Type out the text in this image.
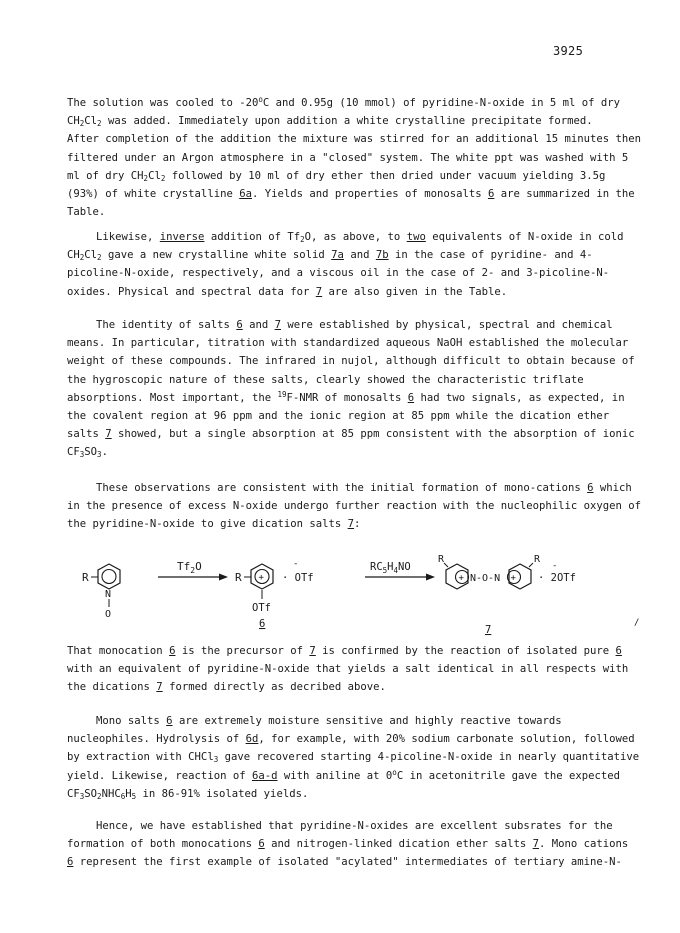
3925
The solution was cooled to -20$^o$C and 0.95g (10 mmol) of pyridine-N-oxide in 5 ml of dry
$CH_2Cl_2$ was added. Immediately upon addition a white crystalline precipitate formed.
After completion of the addition the mixture was stirred for an additional 15 minutes then
filtered under an Argon atmosphere in a "closed" system. The white ppt was washed with 5
ml of dry $CH_2Cl_2$ followed by 10 ml of dry ether then dried under vacuum yielding 3.5g
(93%) of white crystalline 6a. Yields and properties of monosalts 6 are summarized in the
Table.
Likewise, inverse addition of $Tf_2O$, as above, to two equivalents of N-oxide in cold
$CH_2Cl_2$ gave a new crystalline white solid 7a and 7b in the case of pyridine- and 4-
picoline-N-oxide, respectively, and a viscous oil in the case of 2- and 3-picoline-N-
oxides. Physical and spectral data for 7 are also given in the Table.
The identity of salts 6 and 7 were established by physical, spectral and chemical
means. In particular, titration with standardized aqueous NaOH established the molecular
weight of these compounds. The infrared in nujol, although difficult to obtain because of
the hygroscopic nature of these salts, clearly showed the characteristic triflate
absorptions. Most important, the $^{19}$F-NMR of monosalts 6 had two signals, as expected, in
the covalent region at 96 ppm and the ionic region at 85 ppm while the dication ether
salts 7 showed, but a single absorption at 85 ppm consistent with the absorption of ionic
$CF_3SO_3$.
These observations are consistent with the initial formation of mono-cations 6 which
in the presence of excess N-oxide undergo further reaction with the nucleophilic oxygen of
the pyridine-N-oxide to give dication salts 7:
R
N
O
$Tf_2O$
R +
-
· OTf
OTf
6
$RC_5H_4NO$
R
+ N-O-N +
R
-
· 2OTf
7
/
That monocation 6 is the precursor of 7 is confirmed by the reaction of isolated pure 6
with an equivalent of pyridine-N-oxide that yields a salt identical in all respects with
the dications 7 formed directly as decribed above.
Mono salts 6 are extremely moisture sensitive and highly reactive towards
nucleophiles. Hydrolysis of 6d, for example, with 20% sodium carbonate solution, followed
by extraction with CHCl$_3$ gave recovered starting 4-picoline-N-oxide in nearly quantitative
yield. Likewise, reaction of 6a-d with aniline at 0$^o$C in acetonitrile gave the expected
$CF_3SO_2NHC_6H_5$ in 86-91% isolated yields.
Hence, we have established that pyridine-N-oxides are excellent subsrates for the
formation of both monocations 6 and nitrogen-linked dication ether salts 7. Mono cations
6 represent the first example of isolated "acylated" intermediates of tertiary amine-N-
